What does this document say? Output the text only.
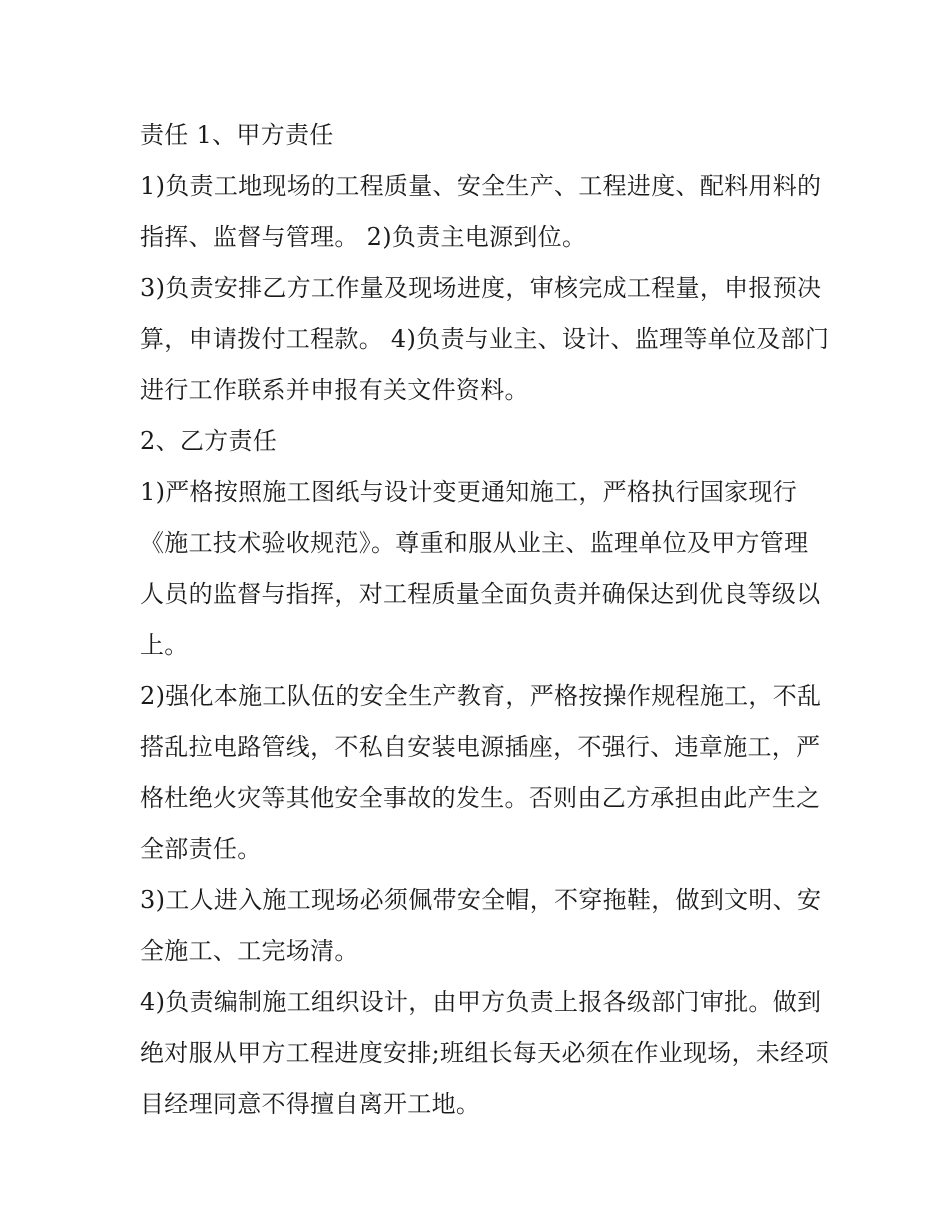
责任 1、甲方责任

1)负责工地现场的工程质量、安全生产、工程进度、配料用料的指挥、监督与管理。 2)负责主电源到位。

3)负责安排乙方工作量及现场进度，审核完成工程量，申报预决算，申请拨付工程款。 4)负责与业主、设计、监理等单位及部门进行工作联系并申报有关文件资料。

2、乙方责任

1)严格按照施工图纸与设计变更通知施工，严格执行国家现行《施工技术验收规范》。尊重和服从业主、监理单位及甲方管理人员的监督与指挥，对工程质量全面负责并确保达到优良等级以上。

2)强化本施工队伍的安全生产教育，严格按操作规程施工，不乱搭乱拉电路管线，不私自安装电源插座，不强行、违章施工，严格杜绝火灾等其他安全事故的发生。否则由乙方承担由此产生之全部责任。

3)工人进入施工现场必须佩带安全帽，不穿拖鞋，做到文明、安全施工、工完场清。

4)负责编制施工组织设计，由甲方负责上报各级部门审批。做到绝对服从甲方工程进度安排;班组长每天必须在作业现场，未经项目经理同意不得擅自离开工地。
